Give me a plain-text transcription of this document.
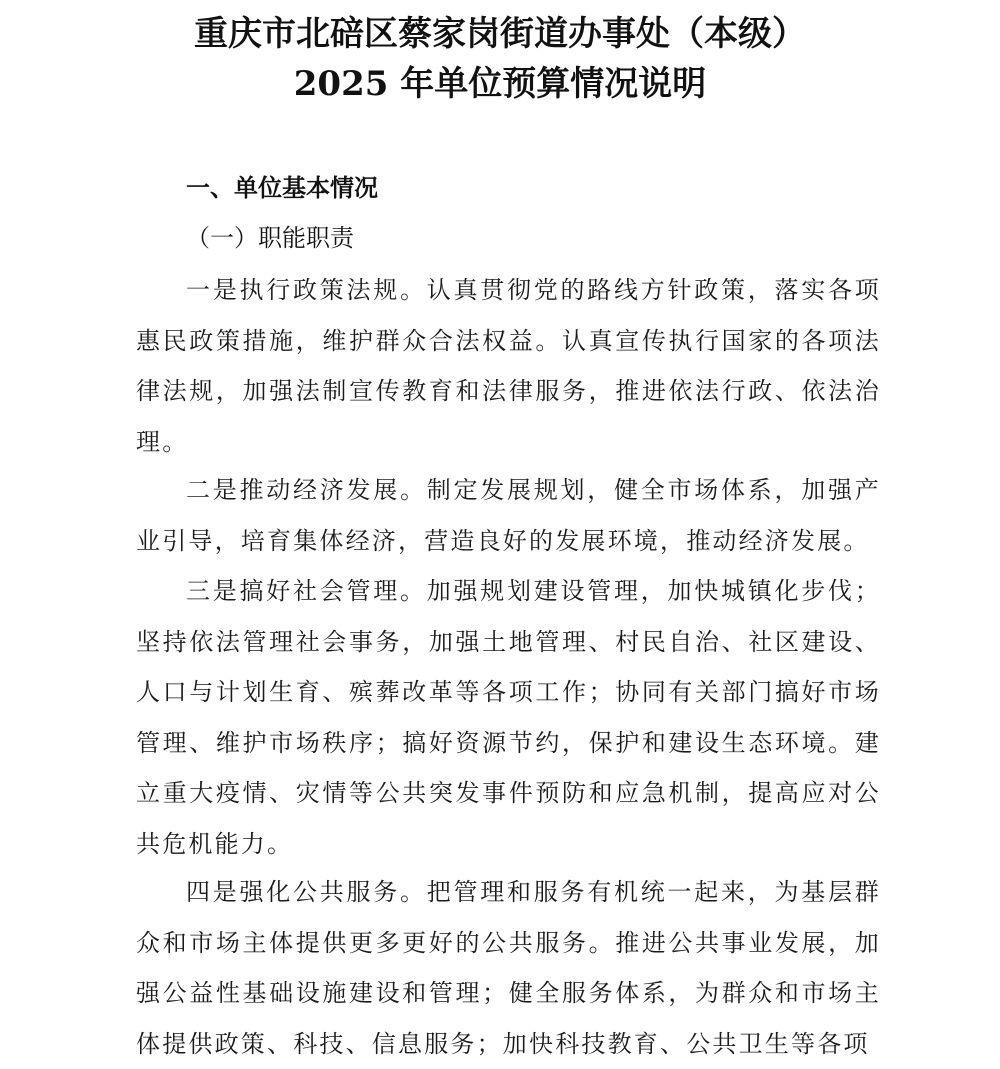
重庆市北碚区蔡家岗街道办事处（本级）
2025 年单位预算情况说明
一、单位基本情况
（一）职能职责

一是执行政策法规。认真贯彻党的路线方针政策，落实各项惠民政策措施，维护群众合法权益。认真宣传执行国家的各项法律法规，加强法制宣传教育和法律服务，推进依法行政、依法治理。

二是推动经济发展。制定发展规划，健全市场体系，加强产业引导，培育集体经济，营造良好的发展环境，推动经济发展。

三是搞好社会管理。加强规划建设管理，加快城镇化步伐；坚持依法管理社会事务，加强土地管理、村民自治、社区建设、人口与计划生育、殡葬改革等各项工作；协同有关部门搞好市场管理、维护市场秩序；搞好资源节约，保护和建设生态环境。建立重大疫情、灾情等公共突发事件预防和应急机制，提高应对公共危机能力。

四是强化公共服务。把管理和服务有机统一起来，为基层群众和市场主体提供更多更好的公共服务。推进公共事业发展，加强公益性基础设施建设和管理；健全服务体系，为群众和市场主体提供政策、科技、信息服务；加快科技教育、公共卫生等各项
